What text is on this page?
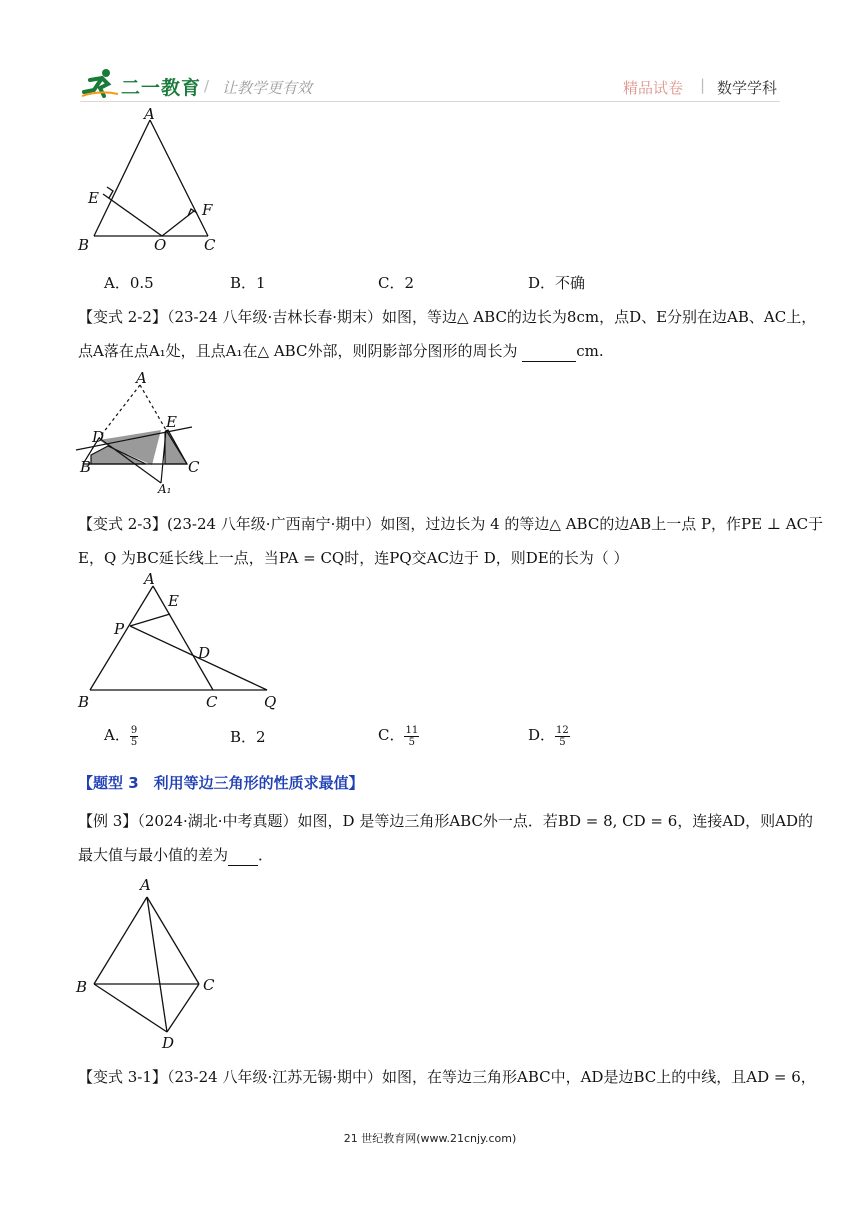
二一教育 / 让教学更有效	精品试卷 | 数学学科
A
E
F
B	O	C
A．0.5	B．1	C．2	D．不确
【变式 2-2】（23-24 八年级·吉林长春·期末）如图，等边△ ABC的边长为8cm，点D、E分别在边AB、AC上，
点A落在点A₁处，且点A₁在△ ABC外部，则阴影部分图形的周长为	cm.
A
D
E
B	C
A₁
【变式 2-3】(23-24 八年级·广西南宁·期中）如图，过边长为 4 的等边△ ABC的边AB上一点 P，作PE ⊥ AC于
E，Q 为BC延长线上一点，当PA = CQ时，连PQ交AC边于 D，则DE的长为（ ）
A
E
P
D
B	C	Q
A． $\frac{9}{5}$	B．2	C． $\frac{11}{5}$	D． $\frac{12}{5}$
【题型 3　利用等边三角形的性质求最值】
【例 3】（2024·湖北·中考真题）如图，D 是等边三角形ABC外一点．若BD = 8, CD = 6，连接AD，则AD的
最大值与最小值的差为 ．
A
B	C
D
【变式 3-1】（23-24 八年级·江苏无锡·期中）如图，在等边三角形ABC中，AD是边BC上的中线，且AD = 6，
21 世纪教育网(www.21cnjy.com)
